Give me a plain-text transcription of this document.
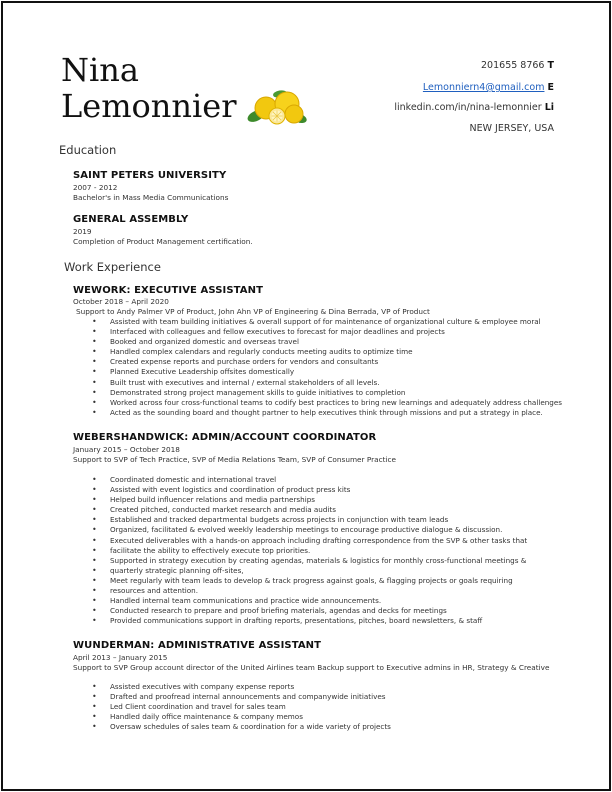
Nina
Lemonnier
201655 8766 T
Lemonniern4@gmail.com E
linkedin.com/in/nina-lemonnier Li
NEW JERSEY, USA
Education
SAINT PETERS UNIVERSITY
2007 - 2012
Bachelor's in Mass Media Communications
GENERAL ASSEMBLY
2019
Completion of Product Management certification.
Work Experience
WEWORK: EXECUTIVE ASSISTANT
October 2018 – April 2020
Support to Andy Palmer VP of Product, John Ahn VP of Engineering & Dina Berrada, VP of Product
• Assisted with team building initiatives & overall support of for maintenance of organizational culture & employee moral
• Interfaced with colleagues and fellow executives to forecast for major deadlines and projects
• Booked and organized domestic and overseas travel
• Handled complex calendars and regularly conducts meeting audits to optimize time
• Created expense reports and purchase orders for vendors and consultants
• Planned Executive Leadership offsites domestically
• Built trust with executives and internal / external stakeholders of all levels.
• Demonstrated strong project management skills to guide initiatives to completion
• Worked across four cross-functional teams to codify best practices to bring new learnings and adequately address challenges
• Acted as the sounding board and thought partner to help executives think through missions and put a strategy in place.
WEBERSHANDWICK: ADMIN/ACCOUNT COORDINATOR
January 2015 – October 2018
Support to SVP of Tech Practice, SVP of Media Relations Team, SVP of Consumer Practice
• Coordinated domestic and international travel
• Assisted with event logistics and coordination of product press kits
• Helped build influencer relations and media partnerships
• Created pitched, conducted market research and media audits
• Established and tracked departmental budgets across projects in conjunction with team leads
• Organized, facilitated & evolved weekly leadership meetings to encourage productive dialogue & discussion.
• Executed deliverables with a hands-on approach including drafting correspondence from the SVP & other tasks that
• facilitate the ability to effectively execute top priorities.
• Supported in strategy execution by creating agendas, materials & logistics for monthly cross-functional meetings &
• quarterly strategic planning off-sites,
• Meet regularly with team leads to develop & track progress against goals, & flagging projects or goals requiring
• resources and attention.
• Handled internal team communications and practice wide announcements.
• Conducted research to prepare and proof briefing materials, agendas and decks for meetings
• Provided communications support in drafting reports, presentations, pitches, board newsletters, & staff
WUNDERMAN: ADMINISTRATIVE ASSISTANT
April 2013 – January 2015
Support to SVP Group account director of the United Airlines team Backup support to Executive admins in HR, Strategy & Creative
• Assisted executives with company expense reports
• Drafted and proofread internal announcements and companywide initiatives
• Led Client coordination and travel for sales team
• Handled daily office maintenance & company memos
• Oversaw schedules of sales team & coordination for a wide variety of projects
